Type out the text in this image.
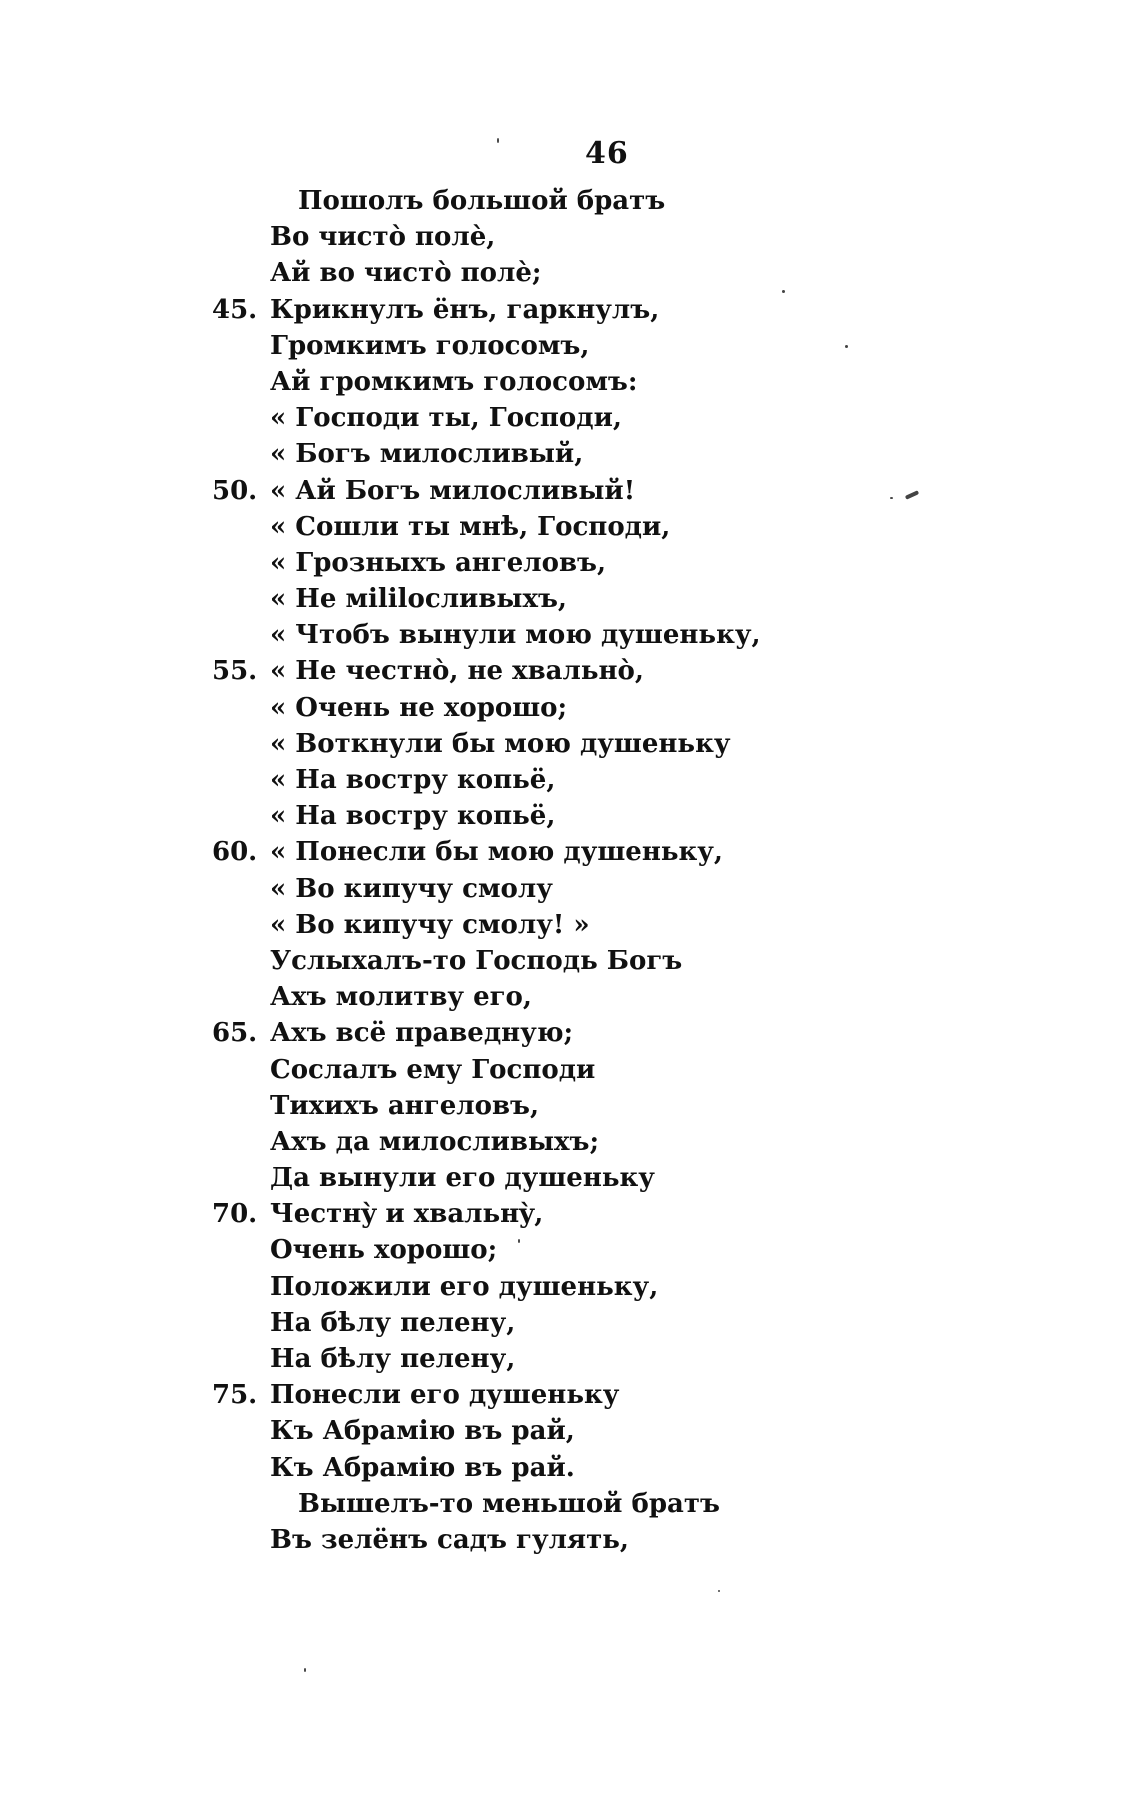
46
Пошолъ большой братъ
Во чистò полѐ,
Ай во чистò полѐ;
45. Крикнулъ ёнъ, гаркнулъ,
Громкимъ голосомъ,
Ай громкимъ голосомъ:
« Господи ты, Господи,
« Богъ милосливый,
50. « Ай Богъ милосливый!
« Сошли ты мнѣ, Господи,
« Грозныхъ ангеловъ,
« Не мililосливыхъ,
« Чтобъ вынули мою душеньку,
55. « Не честнò, не хвальнò,
« Очень не хорошо;
« Воткнули бы мою душеньку
« На востру копьё,
« На востру копьё,
60. « Понесли бы мою душеньку,
« Во кипучу смолу
« Во кипучу смолу! »
Услыхалъ-то Господь Богъ
Ахъ молитву его,
65. Ахъ всё праведную;
Сослалъ ему Господи
Тихихъ ангеловъ,
Ахъ да милосливыхъ;
Да вынули его душеньку
70. Честнỳ и хвальнỳ,
Очень хорошо;
Положили его душеньку,
На бѣлу пелену,
На бѣлу пелену,
75. Понесли его душеньку
Къ Абрамію въ рай,
Къ Абрамію въ рай.
Вышелъ-то меньшой братъ
Въ зелёнъ садъ гулять,
